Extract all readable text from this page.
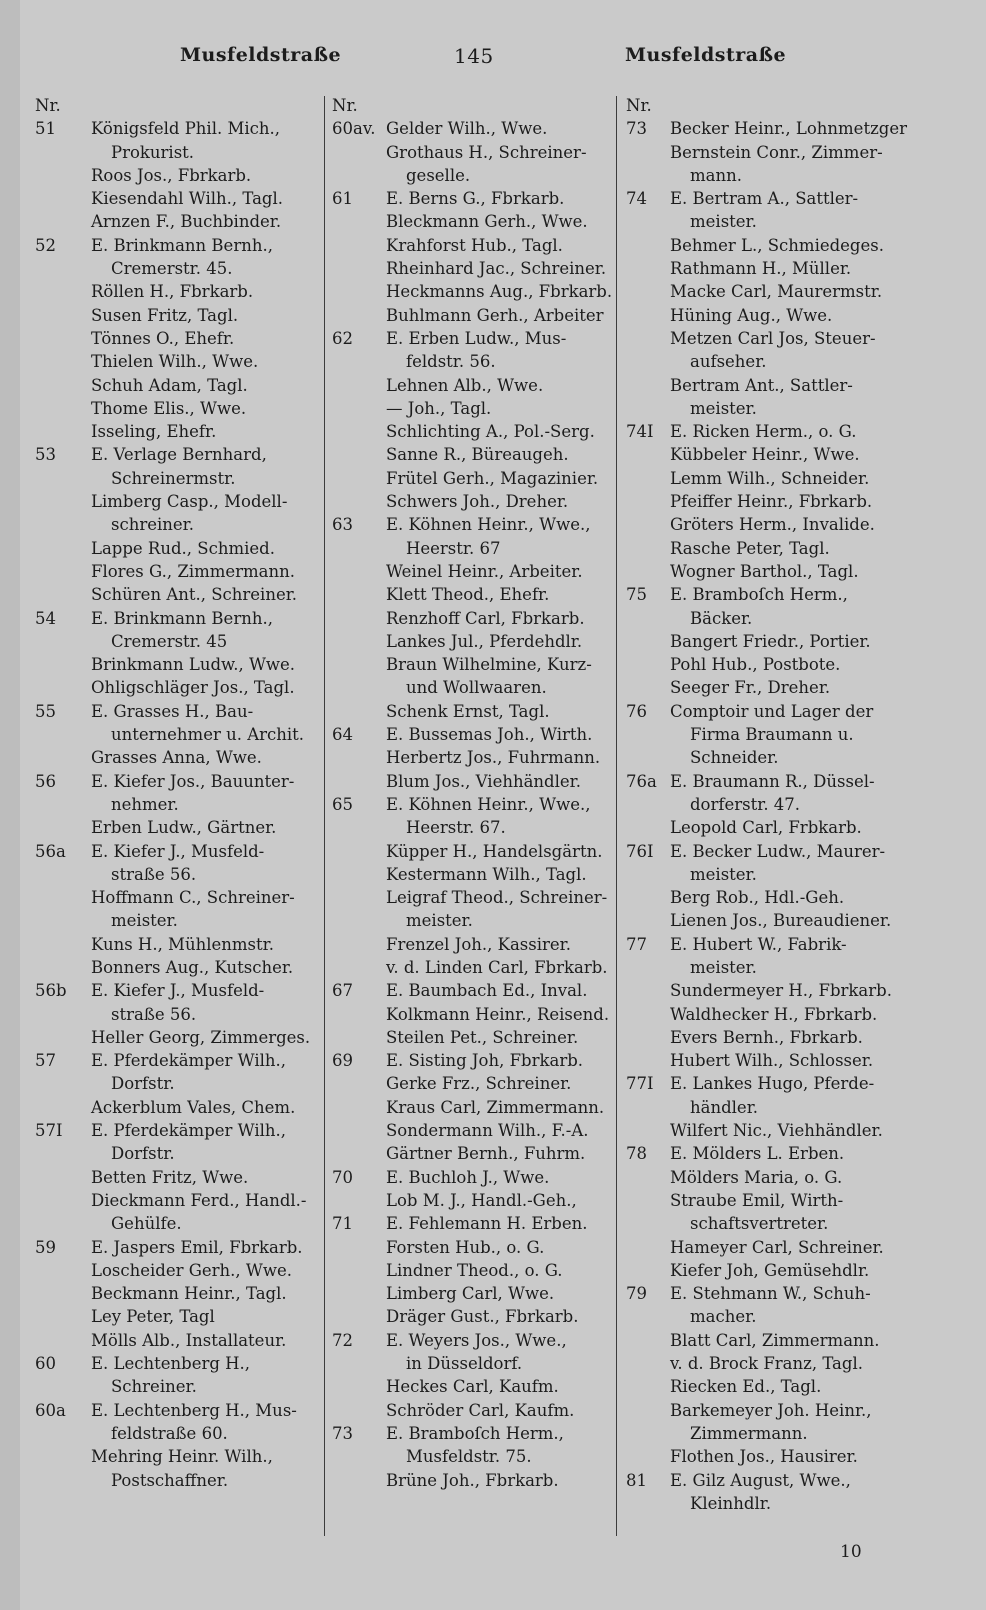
Musfeldstraße	145	Musfeldstraße
Nr.
51 Königsfeld Phil. Mich.,
Prokurist.
Roos Jos., Fbrkarb.
Kiesendahl Wilh., Tagl.
Arnzen F., Buchbinder.
52 E. Brinkmann Bernh.,
Cremerstr. 45.
Röllen H., Fbrkarb.
Susen Fritz, Tagl.
Tönnes O., Ehefr.
Thielen Wilh., Wwe.
Schuh Adam, Tagl.
Thome Elis., Wwe.
Isseling, Ehefr.
53 E. Verlage Bernhard,
Schreinermstr.
Limberg Casp., Modell-
schreiner.
Lappe Rud., Schmied.
Flores G., Zimmermann.
Schüren Ant., Schreiner.
54 E. Brinkmann Bernh.,
Cremerstr. 45
Brinkmann Ludw., Wwe.
Ohligschläger Jos., Tagl.
55 E. Grasses H., Bau-
unternehmer u. Archit.
Grasses Anna, Wwe.
56 E. Kiefer Jos., Bauunter-
nehmer.
Erben Ludw., Gärtner.
56a E. Kiefer J., Musfeld-
straße 56.
Hoffmann C., Schreiner-
meister.
Kuns H., Mühlenmstr.
Bonners Aug., Kutscher.
56b E. Kiefer J., Musfeld-
straße 56.
Heller Georg, Zimmerges.
57 E. Pferdekämper Wilh.,
Dorfstr.
Ackerblum Vales, Chem.
57I E. Pferdekämper Wilh.,
Dorfstr.
Betten Fritz, Wwe.
Dieckmann Ferd., Handl.-
Gehülfe.
59 E. Jaspers Emil, Fbrkarb.
Loscheider Gerh., Wwe.
Beckmann Heinr., Tagl.
Ley Peter, Tagl
Mölls Alb., Installateur.
60 E. Lechtenberg H.,
Schreiner.
60a E. Lechtenberg H., Mus-
feldstraße 60.
Mehring Heinr. Wilh.,
Postschaffner.
Nr.
60av. Gelder Wilh., Wwe.
Grothaus H., Schreiner-
geselle.
61 E. Berns G., Fbrkarb.
Bleckmann Gerh., Wwe.
Krahforst Hub., Tagl.
Rheinhard Jac., Schreiner.
Heckmanns Aug., Fbrkarb.
Buhlmann Gerh., Arbeiter
62 E. Erben Ludw., Mus-
feldstr. 56.
Lehnen Alb., Wwe.
— Joh., Tagl.
Schlichting A., Pol.-Serg.
Sanne R., Büreaugeh.
Frütel Gerh., Magazinier.
Schwers Joh., Dreher.
63 E. Köhnen Heinr., Wwe.,
Heerstr. 67
Weinel Heinr., Arbeiter.
Klett Theod., Ehefr.
Renzhoff Carl, Fbrkarb.
Lankes Jul., Pferdehdlr.
Braun Wilhelmine, Kurz-
und Wollwaaren.
Schenk Ernst, Tagl.
64 E. Bussemas Joh., Wirth.
Herbertz Jos., Fuhrmann.
Blum Jos., Viehhändler.
65 E. Köhnen Heinr., Wwe.,
Heerstr. 67.
Küpper H., Handelsgärtn.
Kestermann Wilh., Tagl.
Leigraf Theod., Schreiner-
meister.
Frenzel Joh., Kassirer.
v. d. Linden Carl, Fbrkarb.
67 E. Baumbach Ed., Inval.
Kolkmann Heinr., Reisend.
Steilen Pet., Schreiner.
69 E. Sisting Joh, Fbrkarb.
Gerke Frz., Schreiner.
Kraus Carl, Zimmermann.
Sondermann Wilh., F.-A.
Gärtner Bernh., Fuhrm.
70 E. Buchloh J., Wwe.
Lob M. J., Handl.-Geh.,
71 E. Fehlemann H. Erben.
Forsten Hub., o. G.
Lindner Theod., o. G.
Limberg Carl, Wwe.
Dräger Gust., Fbrkarb.
72 E. Weyers Jos., Wwe.,
in Düsseldorf.
Heckes Carl, Kaufm.
Schröder Carl, Kaufm.
73 E. Bramboſch Herm.,
Musfeldstr. 75.
Brüne Joh., Fbrkarb.
Nr.
73 Becker Heinr., Lohnmetzger
Bernstein Conr., Zimmer-
mann.
74 E. Bertram A., Sattler-
meister.
Behmer L., Schmiedeges.
Rathmann H., Müller.
Macke Carl, Maurermstr.
Hüning Aug., Wwe.
Metzen Carl Jos, Steuer-
aufseher.
Bertram Ant., Sattler-
meister.
74I E. Ricken Herm., o. G.
Kübbeler Heinr., Wwe.
Lemm Wilh., Schneider.
Pfeiffer Heinr., Fbrkarb.
Gröters Herm., Invalide.
Rasche Peter, Tagl.
Wogner Barthol., Tagl.
75 E. Bramboſch Herm.,
Bäcker.
Bangert Friedr., Portier.
Pohl Hub., Postbote.
Seeger Fr., Dreher.
76 Comptoir und Lager der
Firma Braumann u.
Schneider.
76a E. Braumann R., Düssel-
dorferstr. 47.
Leopold Carl, Frbkarb.
76I E. Becker Ludw., Maurer-
meister.
Berg Rob., Hdl.-Geh.
Lienen Jos., Bureaudiener.
77 E. Hubert W., Fabrik-
meister.
Sundermeyer H., Fbrkarb.
Waldhecker H., Fbrkarb.
Evers Bernh., Fbrkarb.
Hubert Wilh., Schlosser.
77I E. Lankes Hugo, Pferde-
händler.
Wilfert Nic., Viehhändler.
78 E. Mölders L. Erben.
Mölders Maria, o. G.
Straube Emil, Wirth-
schaftsvertreter.
Hameyer Carl, Schreiner.
Kiefer Joh, Gemüsehdlr.
79 E. Stehmann W., Schuh-
macher.
Blatt Carl, Zimmermann.
v. d. Brock Franz, Tagl.
Riecken Ed., Tagl.
Barkemeyer Joh. Heinr.,
Zimmermann.
Flothen Jos., Hausirer.
81 E. Gilz August, Wwe.,
Kleinhdlr.
10
